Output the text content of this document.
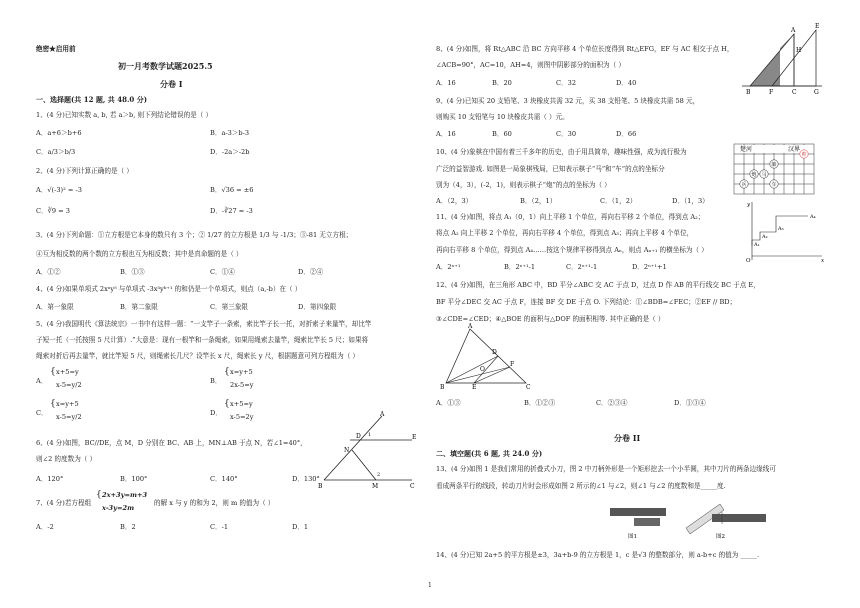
绝密★启用前
初一月考数学试题2025.5
分卷 I
一、选择题(共 12 题, 共 48.0 分)
1、(4 分)已知实数 a, b, 若 a＞b, 则下列结论错误的是（ ）
A．a+6＞b+6	B．a-3＞b-3
C．a/3＞b/3	D．-2a＞-2b
2、(4 分)下列计算正确的是（ ）
A．√(-3)² = -3	B．√36 = ±6
C．∛9 = 3	D．-∛27 = -3
3、(4 分)下列命题：①立方根是它本身的数只有 3 个；② 1/27 的立方根是 1/3 与 -1/3；③-81 无立方根；
④互为相反数的两个数的立方根也互为相反数；其中是真命题的是（ ）
A．①②	B．①③	C．①④	D．②④
4、(4 分)如果单项式 2xᵃy⁵ 与单项式 -3x³yᵇ⁺¹ 的和仍是一个单项式，则点（a,-b）在（ ）
A．第一象限	B．第二象限	C．第三象限	D．第四象限
5、(4 分)我国明代《算法统宗》一书中有这样一题：“一支竿子一条索，索比竿子长一托，对折索子来量竿，却比竿
子短一托（一托按照 5 尺计算）.”大意是：现有一根竿和一条绳索，如果用绳索去量竿，绳索比竿长 5 尺；如果将
绳索对折后再去量竿，就比竿短 5 尺，则绳索长几尺？设竿长 x 尺，绳索长 y 尺，根据题意可列方程组为（ ）
A．
{ x+5=y
x-5=y/2	B．
{ x=y+5
2x-5=y
C．
{ x=y+5
x-5=y/2	D．
{ x+5=y
x-5=2y
6、(4 分)如图，BC//DE，点 M，D 分别在 BC、AB 上，MN⊥AB 于点 N，若∠1=40°，
则∠2 的度数为（ ）
A．120°	B．100°	C．140°	D．130°
A
D	E
N
B	M	C
1
2
7、(4 分)若方程组
{ 2x+3y=m+3
x-3y=2m
的解 x 与 y 的和为 2，则 m 的值为（ ）
A．-2	B．2	C．-1	D．1
8、(4 分)如图，将 Rt△ABC 沿 BC 方向平移 4 个单位长度得到 Rt△EFG，EF 与 AC 相交于点 H，
∠ACB=90°，AC=10，AH=4，则图中阴影部分的面积为（ ）
A．16	B．20	C．32	D．40
A
E
H
B	F	C	G
9、(4 分)已知买 20 支铅笔、3 块橡皮共需 32 元，买 38 支铅笔、5 块橡皮共需 58 元，
则购买 10 支铅笔与 10 块橡皮共需（ ）元。
A．16	B．60	C．30	D．66
10、(4 分)象棋在中国有着三千多年的历史，由于用具简单，趣味性强，成为流行极为
广泛的益智游戏. 如图是一局象棋残局，已知表示棋子“马”和“车”的点的坐标分
别为（4，3），(-2，1)，则表示棋子“炮”的点的坐标为（ ）
A．（2，3）	B．（2，1）	C．（1，2）	D．（1，3）
楚河	汉界
帥
马
炮
兵	车
帅
11、(4 分)如图，将点 A₁（0，1）向上平移 1 个单位，再向右平移 2 个单位，得到点 A₂；
将点 A₂ 向上平移 2 个单位，再向右平移 4 个单位，得到点 A₃；再向上平移 4 个单位，
再向右平移 8 个单位，得到点 A₄……按这个规律平移得到点 Aₙ，则点 Aₙ₊₁ 的横坐标为（ ）
A．2ⁿ⁺¹	B．2ⁿ⁺¹-1	C．2ⁿ⁺¹-1	D．2ⁿ⁺¹+1
y
x
O
A₁
A₂
A₃
A₄
12、(4 分)如图，在三角形 ABC 中，BD 平分∠ABC 交 AC 于点 D，过点 D 作 AB 的平行线交 BC 于点 E，
BF 平分∠DEC 交 AC 于点 F，连接 BF 交 DE 于点 O. 下列结论：①∠BDB=∠FEC；②EF // BD；
③∠CDE=∠CED；④△BOE 的面积与△DOF 的面积相等. 其中正确的是（ ）
A
D
F
O
B	E	C
A．①③	B．①②③	C．②③④	D．①③④
分卷 II
二、填空题(共 6 题, 共 24.0 分)
13、(4 分)如图 1 是我们常用的折叠式小刀，图 2 中刀柄外形是一个矩形挖去一个小半圆，其中刀片的两条边缘线可
看成两条平行的线段，转动刀片时会形成如图 2 所示的∠1 与∠2，则∠1 与∠2 的度数和是_____度.
图1	图2
14、(4 分)已知 2a+5 的平方根是±3，3a+b-9 的立方根是 1，c 是√3 的整数部分，则 a-b+c 的值为 _____.
1
